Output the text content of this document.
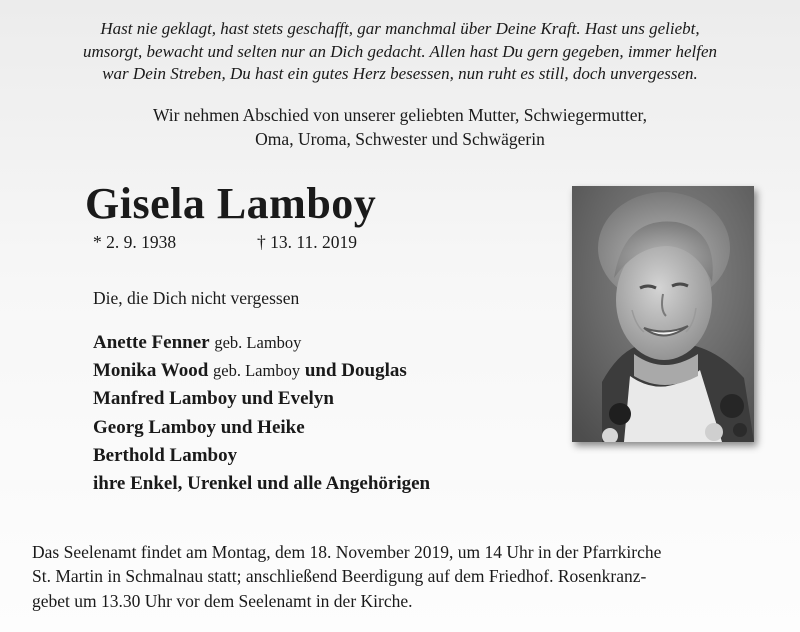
Hast nie geklagt, hast stets geschafft, gar manchmal über Deine Kraft. Hast uns geliebt,
umsorgt, bewacht und selten nur an Dich gedacht. Allen hast Du gern gegeben, immer helfen
war Dein Streben, Du hast ein gutes Herz besessen, nun ruht es still, doch unvergessen.
Wir nehmen Abschied von unserer geliebten Mutter, Schwiegermutter,
Oma, Uroma, Schwester und Schwägerin
Gisela Lamboy
* 2. 9. 1938	† 13. 11. 2019
Die, die Dich nicht vergessen
Anette Fenner geb. Lamboy
Monika Wood geb. Lamboy und Douglas
Manfred Lamboy und Evelyn
Georg Lamboy und Heike
Berthold Lamboy
ihre Enkel, Urenkel und alle Angehörigen
Das Seelenamt findet am Montag, dem 18. November 2019, um 14 Uhr in der Pfarrkirche
St. Martin in Schmalnau statt; anschließend Beerdigung auf dem Friedhof. Rosenkranz-
gebet um 13.30 Uhr vor dem Seelenamt in der Kirche.
